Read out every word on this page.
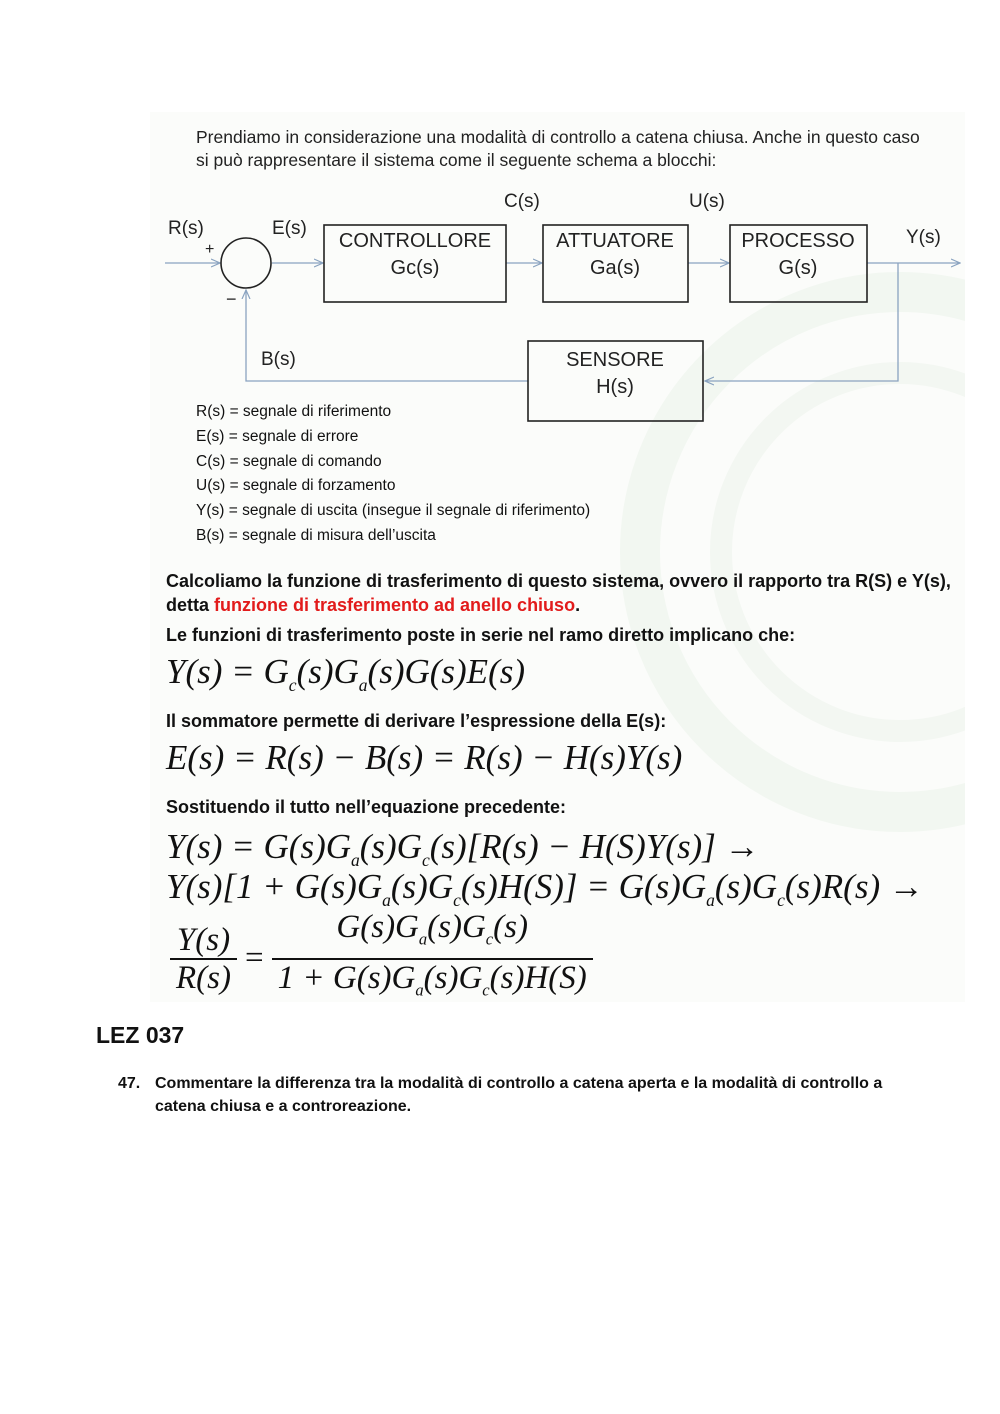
Prendiamo in considerazione una modalità di controllo a catena chiusa. Anche in questo caso si può rappresentare il sistema come il seguente schema a blocchi:
+
−
CONTROLLORE
Gc(s)
ATTUATORE
Ga(s)
PROCESSO
G(s)
SENSORE
H(s)
R(s)	E(s)
C(s)	U(s)
Y(s)
B(s)
R(s) = segnale di riferimento
E(s) = segnale di errore
C(s) = segnale di comando
U(s) = segnale di forzamento
Y(s) = segnale di uscita (insegue il segnale di riferimento)
B(s) = segnale di misura dell’uscita
Calcoliamo la funzione di trasferimento di questo sistema, ovvero il rapporto tra R(S) e Y(s), detta funzione di trasferimento ad anello chiuso.
Le funzioni di trasferimento poste in serie nel ramo diretto implicano che:
$Y(s) = G_c(s)G_a(s)G(s)E(s)$
Il sommatore permette di derivare l’espressione della E(s):
E(s) = R(s) − B(s) = R(s) − H(s)Y(s)
Sostituendo il tutto nell’equazione precedente:
$Y(s) = G(s)G_a(s)G_c(s)[R(s) - H(S)Y(s)]$ →
$Y(s)[1 + G(s)G_a(s)G_c(s)H(S)] = G(s)G_a(s)G_c(s)R(s)$ →
$\frac{Y(s)}{R(s)} = \frac{G(s)G_a(s)G_c(s)}{1 + G(s)G_a(s)G_c(s)H(S)}$
LEZ 037
47. Commentare la differenza tra la modalità di controllo a catena aperta e la modalità di controllo a catena chiusa e a controreazione.
